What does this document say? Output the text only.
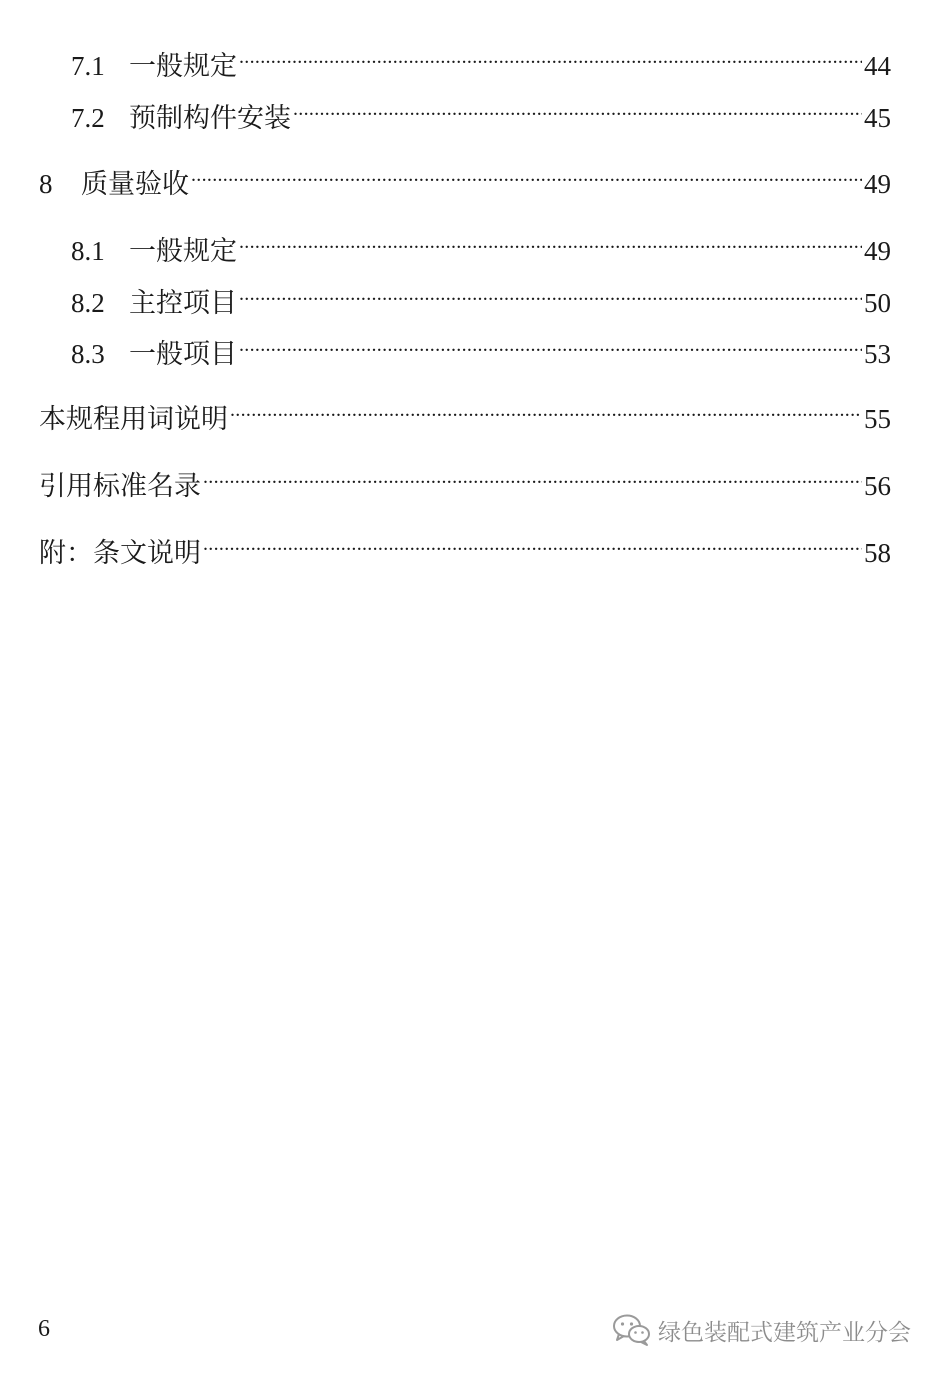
7.1 一般规定 .....	44
7.2 预制构件安装 .....	45
8	质量验收 .....	49
8.1 一般规定 .....	49
8.2 主控项目 .....	50
8.3 一般项目 .....	53
本规程用词说明 .....	55
引用标准名录 .....	56
附：条文说明 .....	58
6	绿色装配式建筑产业分会
